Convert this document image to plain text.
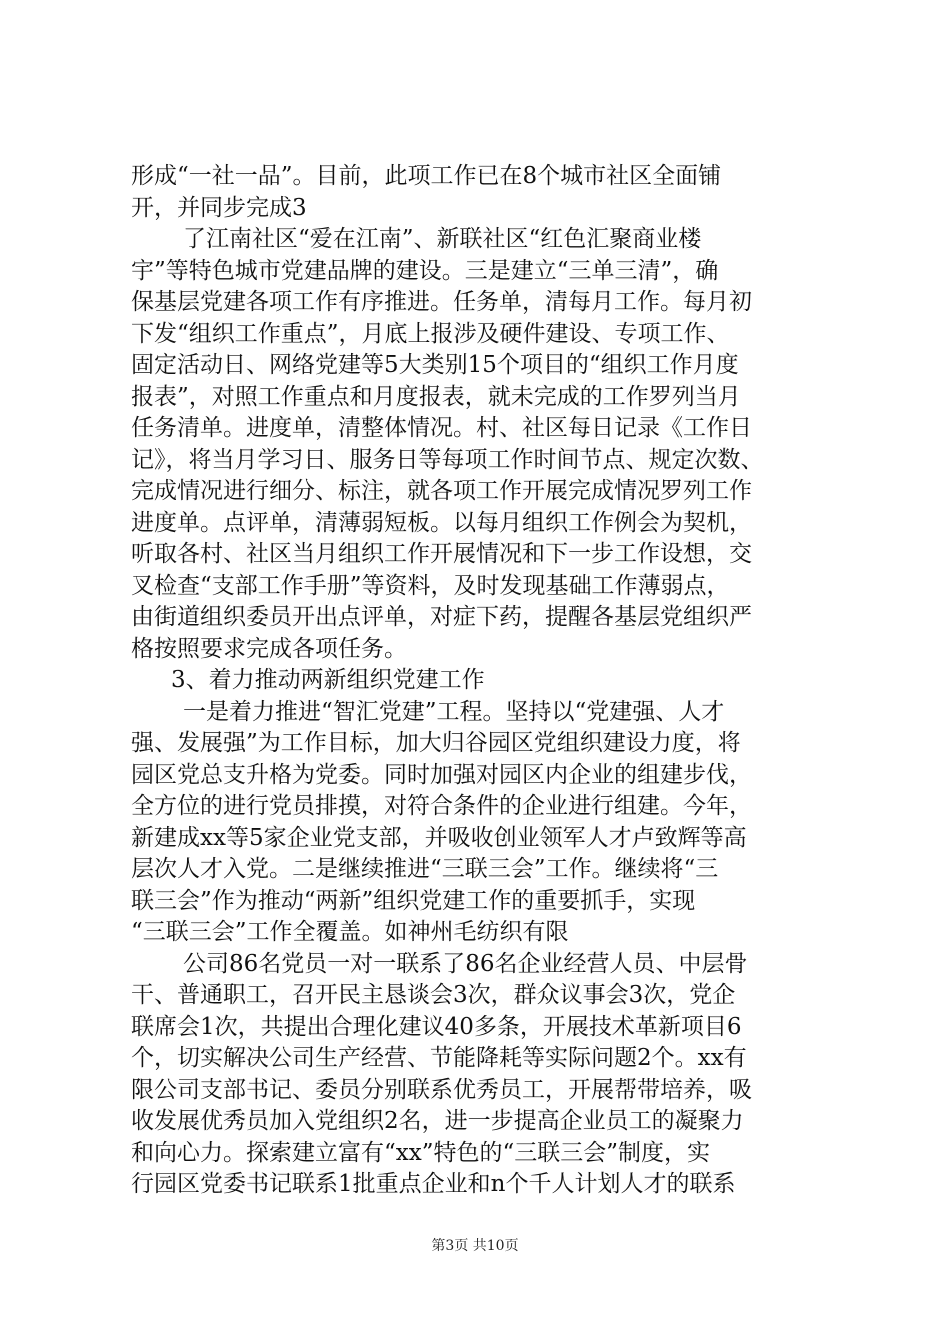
形成“一社一品”。目前，此项工作已在8个城市社区全面铺
开，并同步完成3
了江南社区“爱在江南”、新联社区“红色汇聚商业楼
宇”等特色城市党建品牌的建设。三是建立“三单三清”，确
保基层党建各项工作有序推进。任务单，清每月工作。每月初
下发“组织工作重点”，月底上报涉及硬件建设、专项工作、
固定活动日、网络党建等5大类别15个项目的“组织工作月度
报表”，对照工作重点和月度报表，就未完成的工作罗列当月
任务清单。进度单，清整体情况。村、社区每日记录《工作日
记》，将当月学习日、服务日等每项工作时间节点、规定次数、
完成情况进行细分、标注，就各项工作开展完成情况罗列工作
进度单。点评单，清薄弱短板。以每月组织工作例会为契机，
听取各村、社区当月组织工作开展情况和下一步工作设想，交
叉检查“支部工作手册”等资料，及时发现基础工作薄弱点，
由街道组织委员开出点评单，对症下药，提醒各基层党组织严
格按照要求完成各项任务。
3、着力推动两新组织党建工作
一是着力推进“智汇党建”工程。坚持以“党建强、人才
强、发展强”为工作目标，加大归谷园区党组织建设力度，将
园区党总支升格为党委。同时加强对园区内企业的组建步伐，
全方位的进行党员排摸，对符合条件的企业进行组建。今年，
新建成xx等5家企业党支部，并吸收创业领军人才卢致辉等高
层次人才入党。二是继续推进“三联三会”工作。继续将“三
联三会”作为推动“两新”组织党建工作的重要抓手，实现
“三联三会”工作全覆盖。如神州毛纺织有限
公司86名党员一对一联系了86名企业经营人员、中层骨
干、普通职工，召开民主恳谈会3次，群众议事会3次，党企
联席会1次，共提出合理化建议40多条，开展技术革新项目6
个，切实解决公司生产经营、节能降耗等实际问题2个。xx有
限公司支部书记、委员分别联系优秀员工，开展帮带培养，吸
收发展优秀员加入党组织2名，进一步提高企业员工的凝聚力
和向心力。探索建立富有“xx”特色的“三联三会”制度，实
行园区党委书记联系1批重点企业和n个千人计划人才的联系
第3页 共10页
